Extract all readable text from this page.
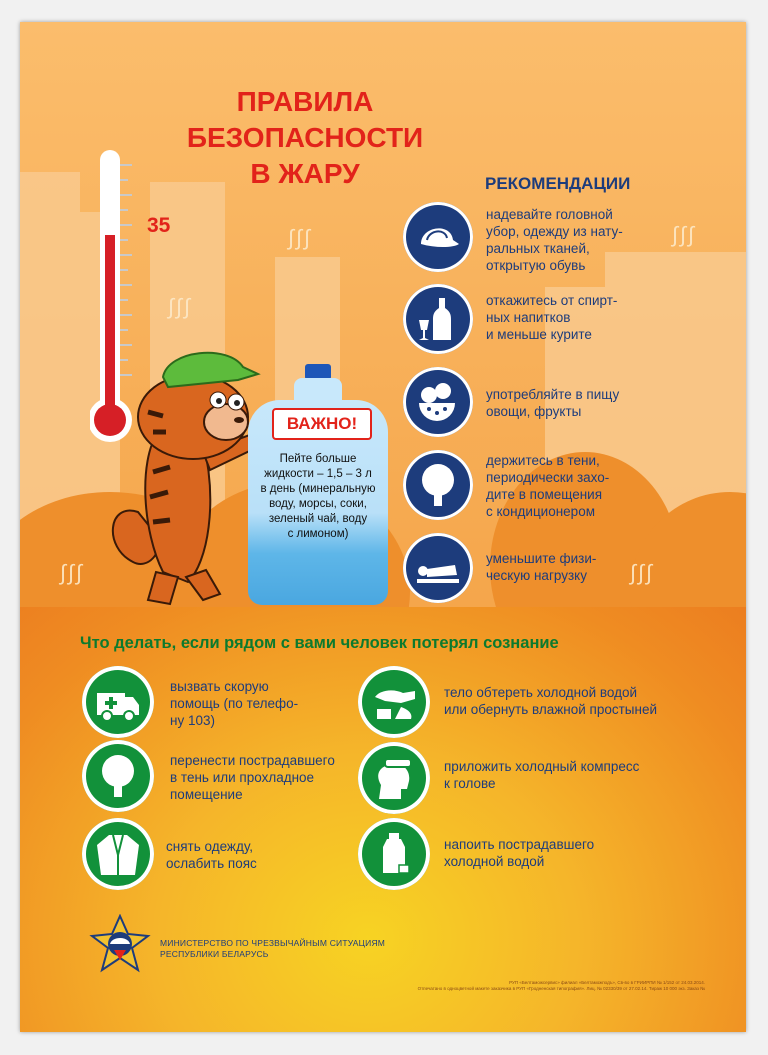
∫∫∫
∫∫∫
∫∫∫
∫∫∫	∫∫∫
ПРАВИЛА
БЕЗОПАСНОСТИ
В ЖАРУ
35
ВАЖНО!
Пейте больше
жидкости – 1,5 – 3 л
в день (минеральную
воду, морсы, соки,
зеленый чай, воду
с лимоном)
РЕКОМЕНДАЦИИ
надевайте головной
убор, одежду из нату-
ральных тканей,
открытую обувь
откажитесь от спирт-
ных напитков
и меньше курите
употребляйте в пищу
овощи, фрукты
держитесь в тени,
периодически захо-
дите в помещения
с кондиционером
уменьшите физи-
ческую нагрузку
Что делать, если рядом с вами человек потерял сознание
вызвать скорую
помощь (по телефо-
ну 103)
перенести пострадавшего
в тень или прохладное
помещение
снять одежду,
ослабить пояс
тело обтереть холодной водой
или обернуть влажной простыней
приложить холодный компресс
к голове
напоить пострадавшего
холодной водой
МИНИСТЕРСТВО ПО ЧРЕЗВЫЧАЙНЫМ СИТУАЦИЯМ
РЕСПУБЛИКИ БЕЛАРУСЬ
РУП «Белтаможсервис» филиал «Белтаможподъ», Св-во в ГРИИРПИ № 1/152 от 24.03.2014.
Отпечатано в одноцветной макете заказчика в РУП «Гродненская типография». Лиц. № 02330/39 от 27.02.14. Тираж 10 000 экз. Заказ №
